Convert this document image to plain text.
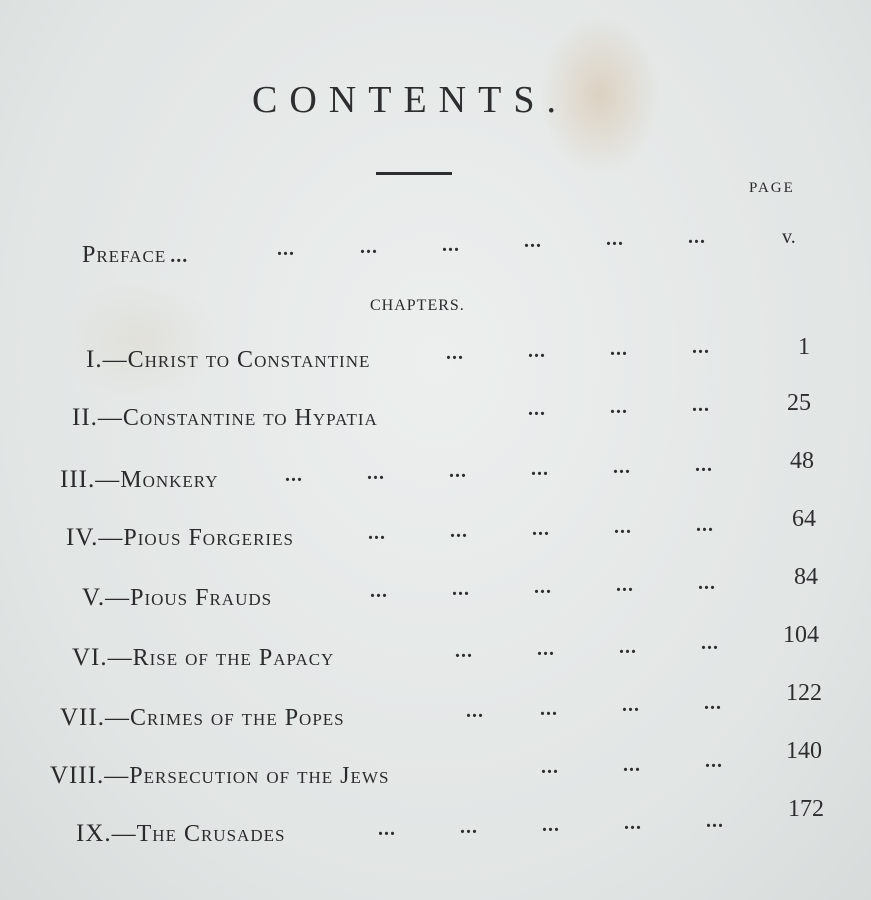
CONTENTS.
PAGE
Preface ...	...	...	...	...	...	...	v.
CHAPTERS.
I.—Christ to Constantine	...	...	...	...	1
II.—Constantine to Hypatia	...	...	...	25
III.—Monkery	...	...	...	...	...	...	48
IV.—Pious Forgeries	...	...	...	...	...	64
V.—Pious Frauds	...	...	...	...	...	84
VI.—Rise of the Papacy	...	...	...	...	104
VII.—Crimes of the Popes	...	...	...	...	122
VIII.—Persecution of the Jews	...	...	...	140
IX.—The Crusades	...	...	...	...	...	172
